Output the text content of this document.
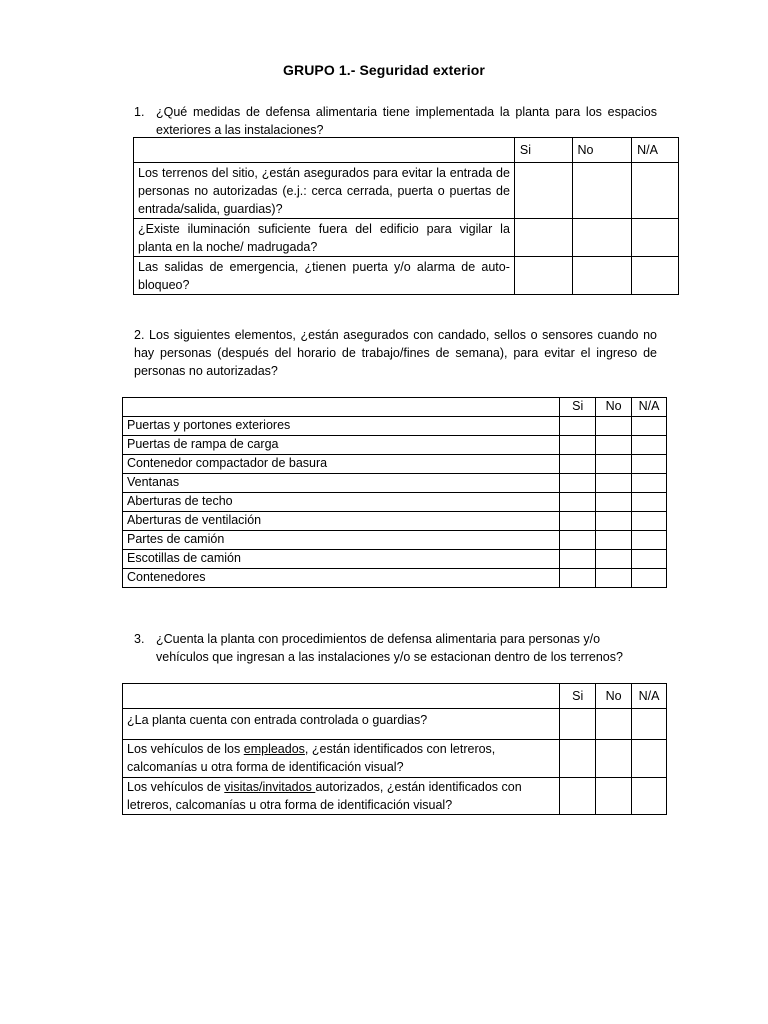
GRUPO 1.- Seguridad exterior
1. ¿Qué medidas de defensa alimentaria tiene implementada la planta para los espacios exteriores a las instalaciones?
	Si	No	N/A
Los terrenos del sitio, ¿están asegurados para evitar la entrada de personas no autorizadas (e.j.: cerca cerrada, puerta o puertas de entrada/salida, guardias)?			
¿Existe iluminación suficiente fuera del edificio para vigilar la planta en la noche/ madrugada?			
Las salidas de emergencia, ¿tienen puerta y/o alarma de auto-bloqueo?			
2. Los siguientes elementos, ¿están asegurados con candado, sellos o sensores cuando no hay personas (después del horario de trabajo/fines de semana), para evitar el ingreso de personas no autorizadas?
	Si	No	N/A
Puertas y portones exteriores			
Puertas de rampa de carga			
Contenedor compactador de basura			
Ventanas			
Aberturas de techo			
Aberturas de ventilación			
Partes de camión			
Escotillas de camión			
Contenedores			
3. ¿Cuenta la planta con procedimientos de defensa alimentaria para personas y/o vehículos que ingresan a las instalaciones y/o se estacionan dentro de los terrenos?
	Si	No	N/A
¿La planta cuenta con entrada controlada o guardias?			
Los vehículos de los empleados, ¿están identificados con letreros, calcomanías u otra forma de identificación visual?			
Los vehículos de visitas/invitados autorizados, ¿están identificados con letreros, calcomanías u otra forma de identificación visual?			
